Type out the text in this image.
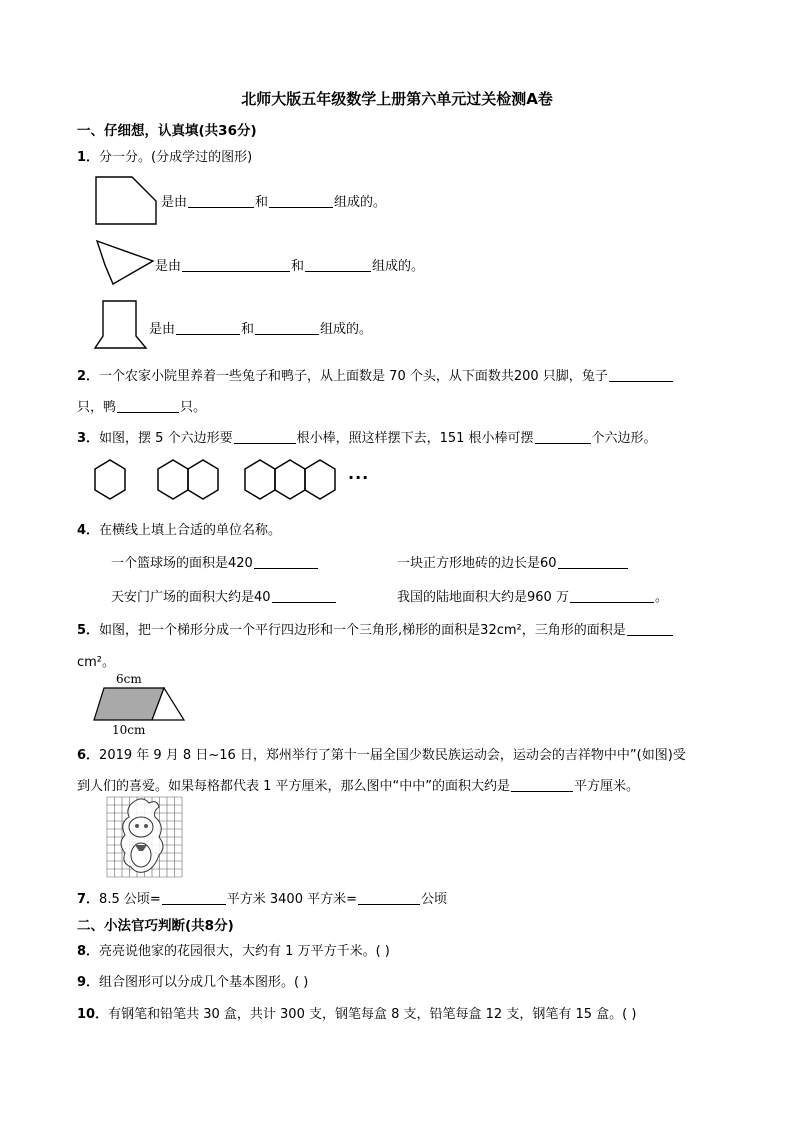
北师大版五年级数学上册第六单元过关检测A卷
一、仔细想，认真填(共36分)
1．分一分。(分成学过的图形)
是由	和	组成的。
是由	和	组成的。
是由	和	组成的。
2．一个农家小院里养着一些兔子和鸭子，从上面数是 70 个头，从下面数共200 只脚，兔子
只，鸭	只。
3．如图，摆 5 个六边形要	根小棒，照这样摆下去，151 根小棒可摆	个六边形。
···
4．在横线上填上合适的单位名称。
一个篮球场的面积是420	一块正方形地砖的边长是60
天安门广场的面积大约是40	我国的陆地面积大约是960 万	。
5．如图，把一个梯形分成一个平行四边形和一个三角形,梯形的面积是32cm²，三角形的面积是
cm²。
6cm
10cm
6．2019 年 9 月 8 日~16 日，郑州举行了第十一届全国少数民族运动会，运动会的吉祥物中中”(如图)受
到人们的喜爱。如果每格都代表 1 平方厘米，那么图中“中中”的面积大约是	平方厘米。
7．8.5 公顷=	平方米 3400 平方米=	公顷
二、小法官巧判断(共8分)
8．亮亮说他家的花园很大，大约有 1 万平方千米。( )
9．组合图形可以分成几个基本图形。( )
10．有钢笔和铅笔共 30 盒，共计 300 支，钢笔每盒 8 支，铅笔每盒 12 支，钢笔有 15 盒。( )
